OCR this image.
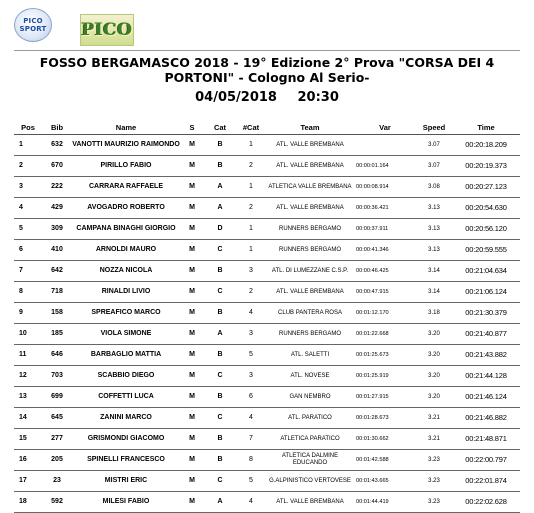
PICO
SPORT PICO
FOSSO BERGAMASCO 2018 - 19° Edizione 2° Prova "CORSA DEI 4 PORTONI" - Cologno Al Serio-
04/05/2018 20:30
Pos	Bib	Name	S	Cat	#Cat	Team	Var	Speed	Time
1	632	VANOTTI MAURIZIO RAIMONDO	M	B	1	ATL. VALLE BREMBANA		3.07	00:20:18.209
2	670	PIRILLO FABIO	M	B	2	ATL. VALLE BREMBANA	00:00:01.164	3.07	00:20:19.373
3	222	CARRARA RAFFAELE	M	A	1	ATLETICA VALLE BREMBANA	00:00:08.914	3.08	00:20:27.123
4	429	AVOGADRO ROBERTO	M	A	2	ATL. VALLE BREMBANA	00:00:36.421	3.13	00:20:54.630
5	309	CAMPANA BINAGHI GIORGIO	M	D	1	RUNNERS BERGAMO	00:00:37.911	3.13	00:20:56.120
6	410	ARNOLDI MAURO	M	C	1	RUNNERS BERGAMO	00:00:41.346	3.13	00:20:59.555
7	642	NOZZA NICOLA	M	B	3	ATL. DI LUMEZZANE C.S.P.	00:00:46.425	3.14	00:21:04.634
8	718	RINALDI LIVIO	M	C	2	ATL. VALLE BREMBANA	00:00:47.915	3.14	00:21:06.124
9	158	SPREAFICO MARCO	M	B	4	CLUB PANTERA ROSA	00:01:12.170	3.18	00:21:30.379
10	185	VIOLA SIMONE	M	A	3	RUNNERS BERGAMO	00:01:22.668	3.20	00:21:40.877
11	646	BARBAGLIO MATTIA	M	B	5	ATL. SALETTI	00:01:25.673	3.20	00:21:43.882
12	703	SCABBIO DIEGO	M	C	3	ATL. NOVESE	00:01:25.919	3.20	00:21:44.128
13	699	COFFETTI LUCA	M	B	6	GAN NEMBRO	00:01:27.915	3.20	00:21:46.124
14	645	ZANINI MARCO	M	C	4	ATL. PARATICO	00:01:28.673	3.21	00:21:46.882
15	277	GRISMONDI GIACOMO	M	B	7	ATLETICA PARATICO	00:01:30.662	3.21	00:21:48.871
16	205	SPINELLI FRANCESCO	M	B	8	ATLETICA DALMINE EDUCANDO	00:01:42.588	3.23	00:22:00.797
17	23	MISTRI ERIC	M	C	5	G.ALPINISTICO VERTOVESE	00:01:43.665	3.23	00:22:01.874
18	592	MILESI FABIO	M	A	4	ATL. VALLE BREMBANA	00:01:44.419	3.23	00:22:02.628
